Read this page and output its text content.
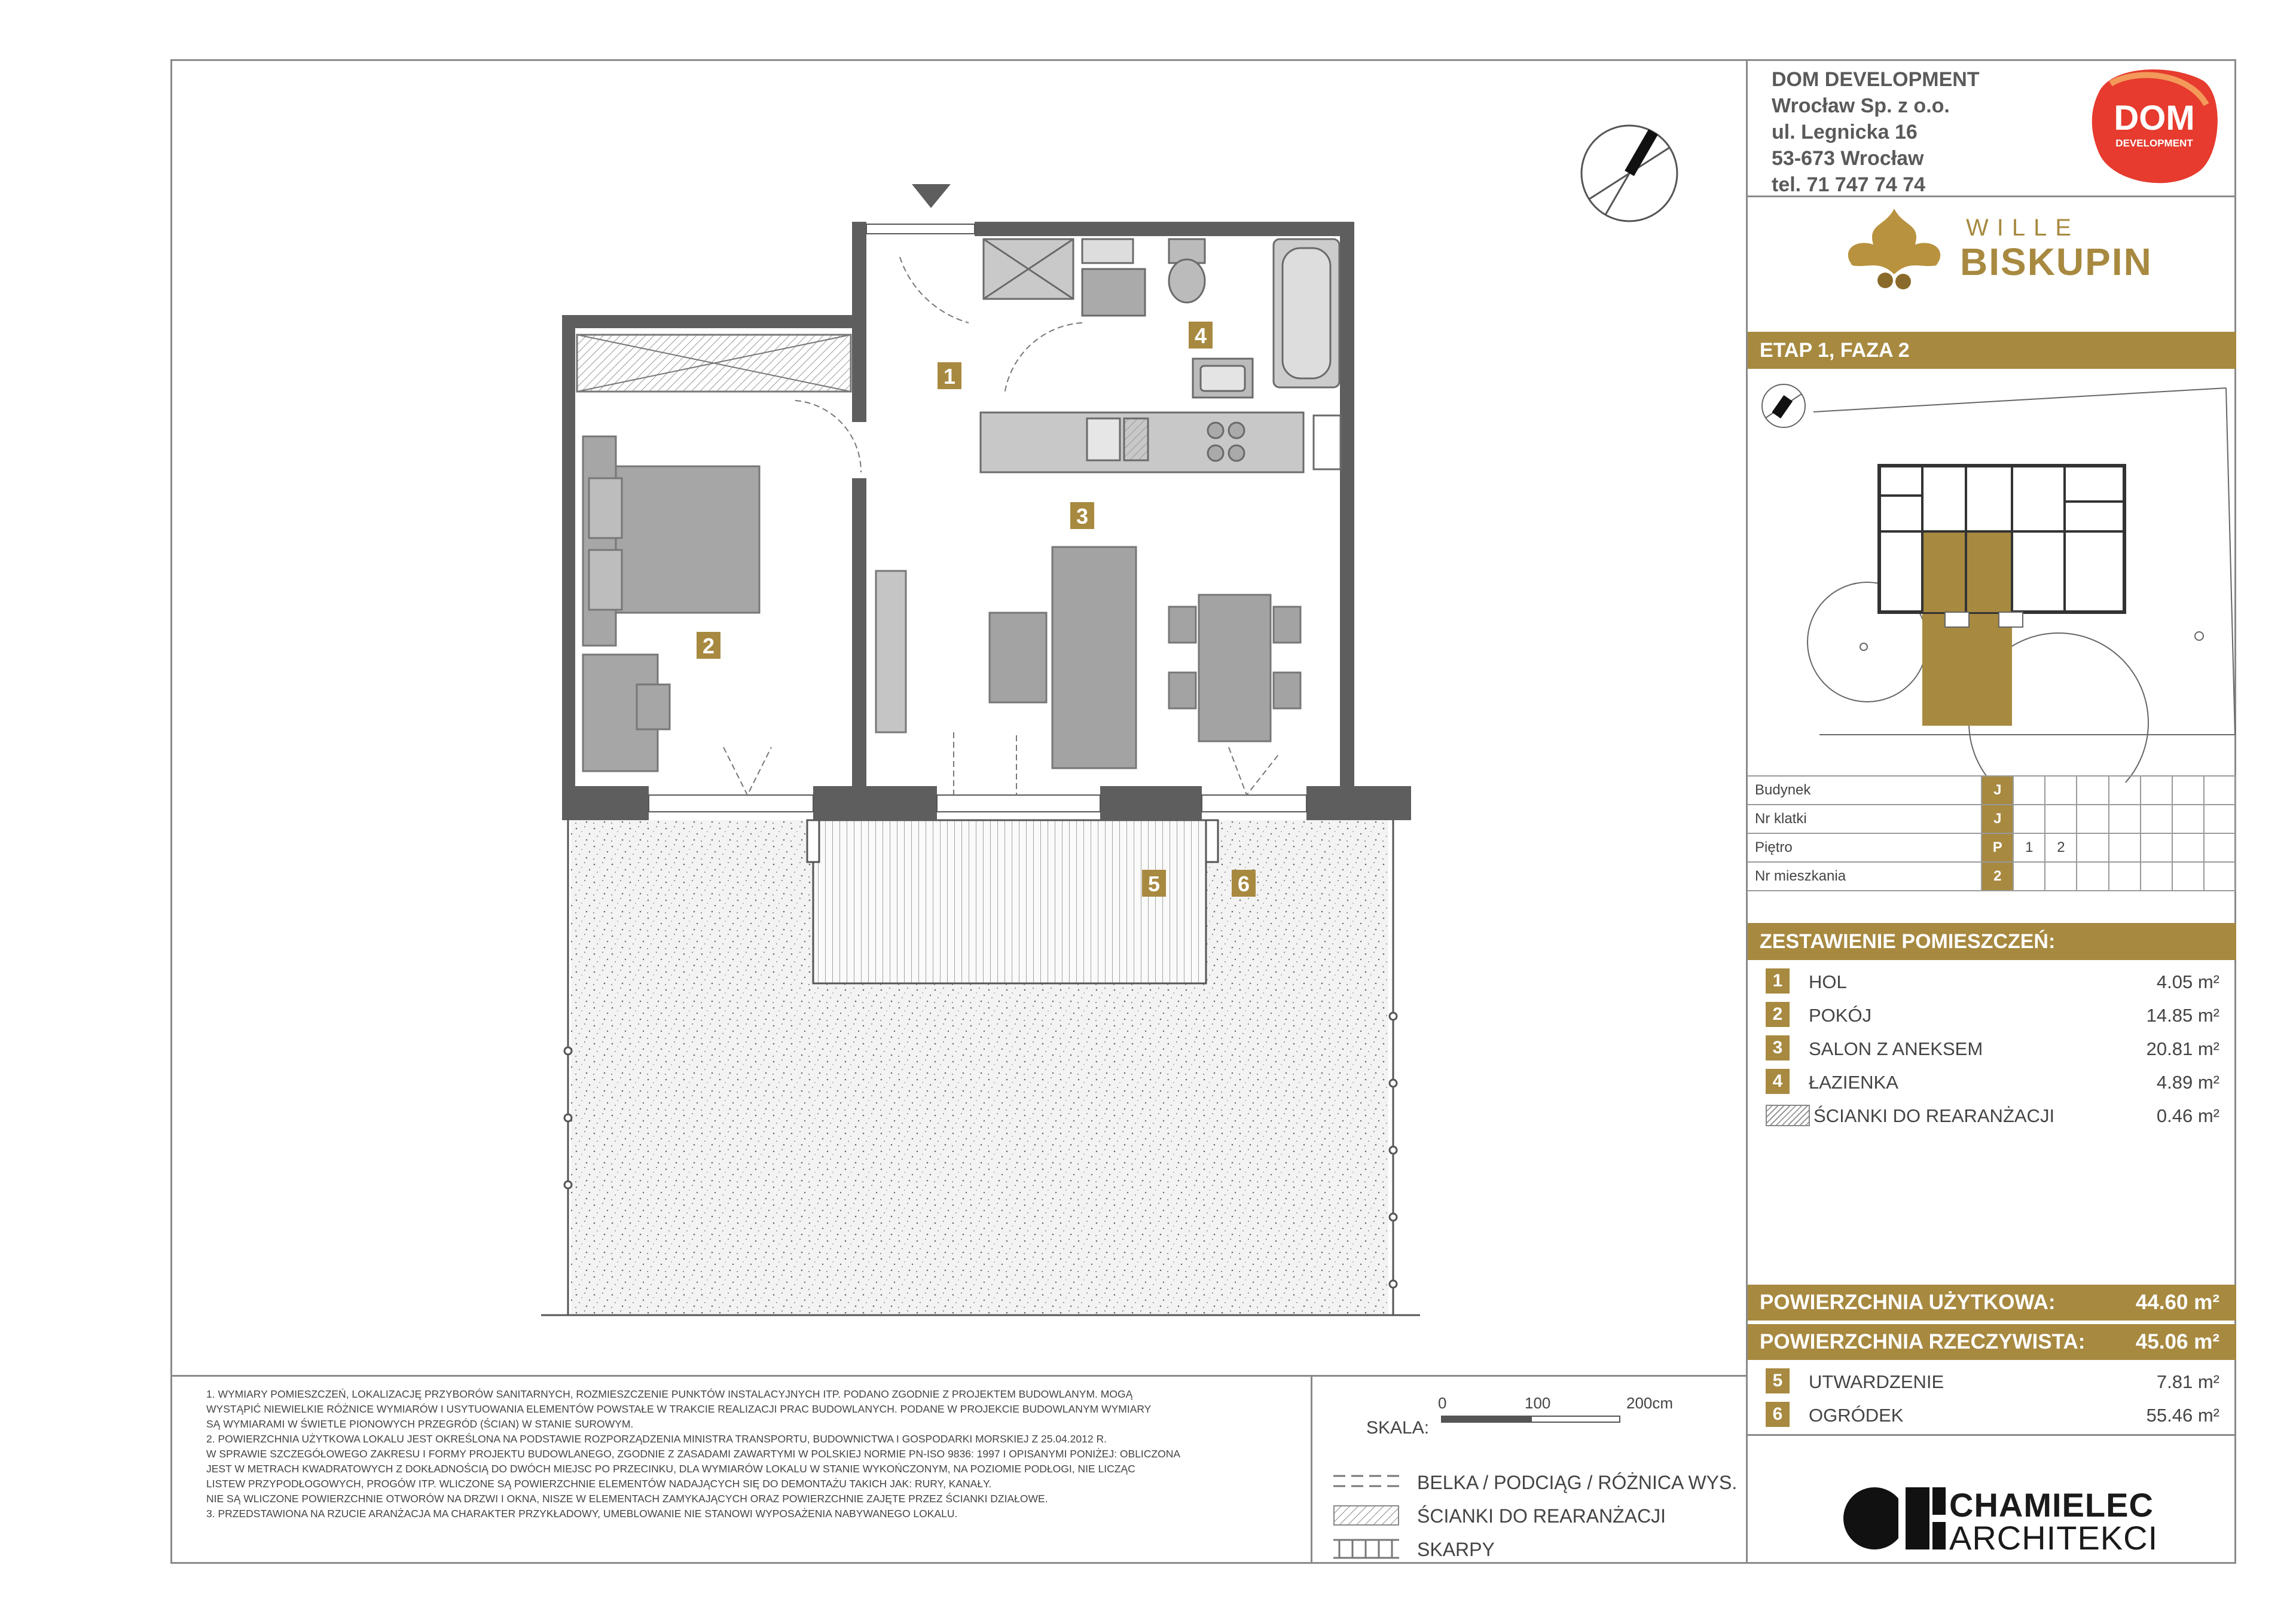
1
2
3
4
5	6
DOM DEVELOPMENT
Wrocław Sp. z o.o.
ul. Legnicka 16
53-673 Wrocław
tel. 71 747 74 74
DOM
DEVELOPMENT
WILLE
BISKUPIN
ETAP 1, FAZA 2
Budynek	J							
Nr klatki	J							
Piętro	P	1	2					
Nr mieszkania	2							
ZESTAWIENIE POMIESZCZEŃ:
1	HOL	4.05 m²
2	POKÓJ	14.85 m²
3	SALON Z ANEKSEM	20.81 m²
4	ŁAZIENKA	4.89 m²
ŚCIANKI DO REARANŻACJI	0.46 m²
POWIERZCHNIA UŻYTKOWA:	44.60 m²
POWIERZCHNIA RZECZYWISTA: 45.06 m²
5	UTWARDZENIE	7.81 m²
6	OGRÓDEK	55.46 m²

1. WYMIARY POMIESZCZEŃ, LOKALIZACJĘ PRZYBORÓW SANITARNYCH, ROZMIESZCZENIE PUNKTÓW INSTALACYJNYCH ITP. PODANO ZGODNIE Z PROJEKTEM BUDOWLANYM. MOGĄ

WYSTĄPIĆ NIEWIELKIE RÓŻNICE WYMIARÓW I USYTUOWANIA ELEMENTÓW POWSTAŁE W TRAKCIE REALIZACJI PRAC BUDOWLANYCH. PODANE W PROJEKCIE BUDOWLANYM WYMIARY

SĄ WYMIARAMI W ŚWIETLE PIONOWYCH PRZEGRÓD (ŚCIAN) W STANIE SUROWYM.

2. POWIERZCHNIA UŻYTKOWA LOKALU JEST OKREŚLONA NA PODSTAWIE ROZPORZĄDZENIA MINISTRA TRANSPORTU, BUDOWNICTWA I GOSPODARKI MORSKIEJ Z 25.04.2012 R.

W SPRAWIE SZCZEGÓŁOWEGO ZAKRESU I FORMY PROJEKTU BUDOWLANEGO, ZGODNIE Z ZASADAMI ZAWARTYMI W POLSKIEJ NORMIE PN-ISO 9836: 1997 I OPISANYMI PONIŻEJ: OBLICZONA

JEST W METRACH KWADRATOWYCH Z DOKŁADNOŚCIĄ DO DWÓCH MIEJSC PO PRZECINKU, DLA WYMIARÓW LOKALU W STANIE WYKOŃCZONYM, NA POZIOMIE PODŁOGI, NIE LICZĄC

LISTEW PRZYPODŁOGOWYCH, PROGÓW ITP. WLICZONE SĄ POWIERZCHNIE ELEMENTÓW NADAJĄCYCH SIĘ DO DEMONTAŻU TAKICH JAK: RURY, KANAŁY.

NIE SĄ WLICZONE POWIERZCHNIE OTWORÓW NA DRZWI I OKNA, NISZE W ELEMENTACH ZAMYKAJĄCYCH ORAZ POWIERZCHNIE ZAJĘTE PRZEZ ŚCIANKI DZIAŁOWE.

3. PRZEDSTAWIONA NA RZUCIE ARANŻACJA MA CHARAKTER PRZYKŁADOWY, UMEBLOWANIE NIE STANOWI WYPOSAŻENIA NABYWANEGO LOKALU.

SKALA:
0	100	200cm
BELKA / PODCIĄG / RÓŻNICA WYS.
ŚCIANKI DO REARANŻACJI
SKARPY
CHAMIELEC
ARCHITEKCI
